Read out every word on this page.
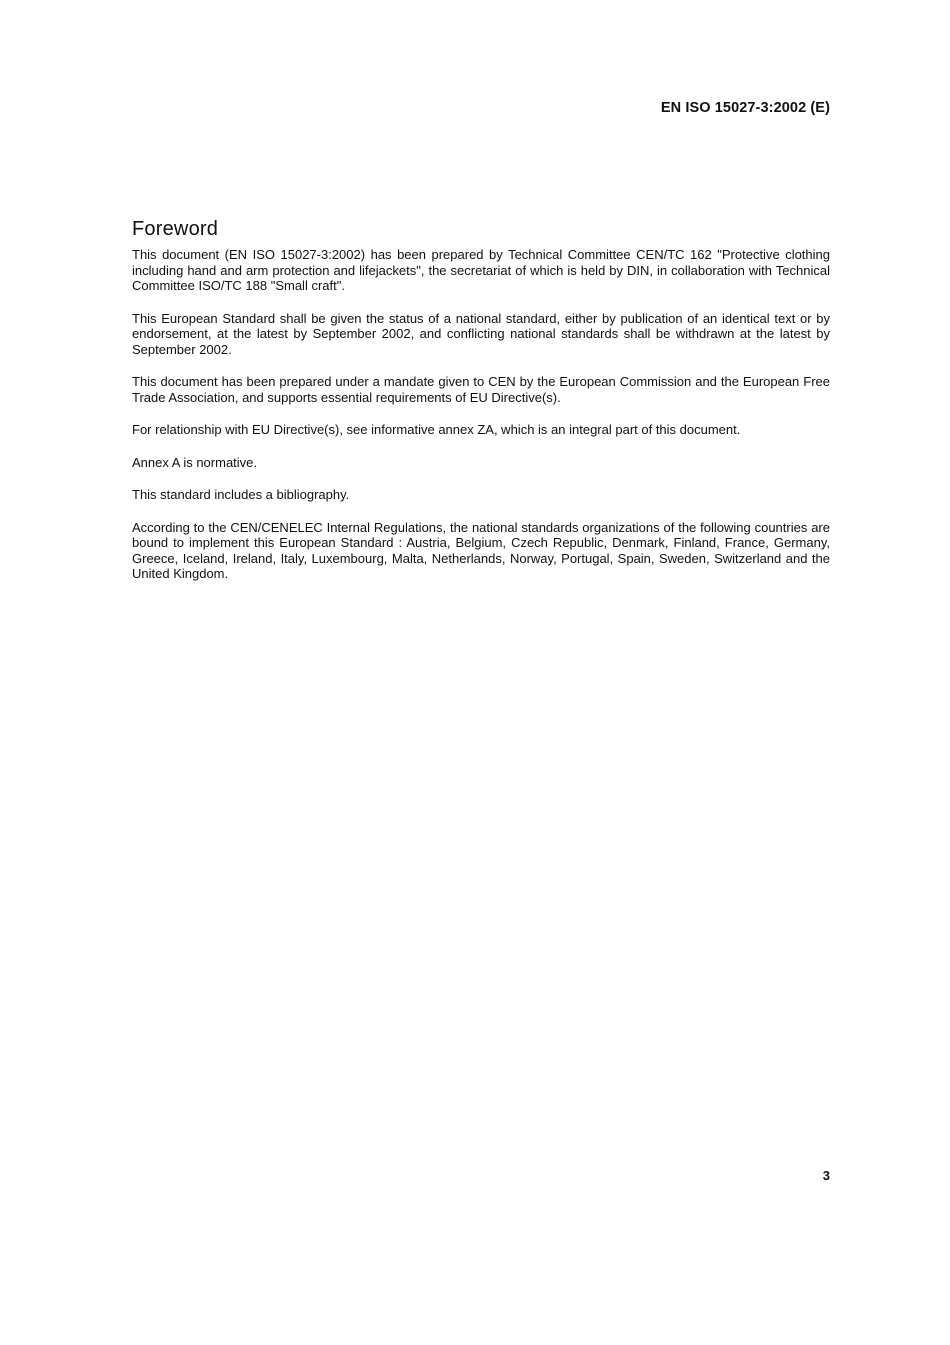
EN ISO 15027-3:2002 (E)
Foreword

This document (EN ISO 15027-3:2002) has been prepared by Technical Committee CEN/TC 162 "Protective clothing including hand and arm protection and lifejackets", the secretariat of which is held by DIN, in collaboration with Technical Committee ISO/TC 188 "Small craft".

This European Standard shall be given the status of a national standard, either by publication of an identical text or by endorsement, at the latest by September 2002, and conflicting national standards shall be withdrawn at the latest by September 2002.

This document has been prepared under a mandate given to CEN by the European Commission and the European Free Trade Association, and supports essential requirements of EU Directive(s).

For relationship with EU Directive(s), see informative annex ZA, which is an integral part of this document.

Annex A is normative.

This standard includes a bibliography.

According to the CEN/CENELEC Internal Regulations, the national standards organizations of the following countries are bound to implement this European Standard : Austria, Belgium, Czech Republic, Denmark, Finland, France, Germany, Greece, Iceland, Ireland, Italy, Luxembourg, Malta, Netherlands, Norway, Portugal, Spain, Sweden, Switzerland and the United Kingdom.

3
